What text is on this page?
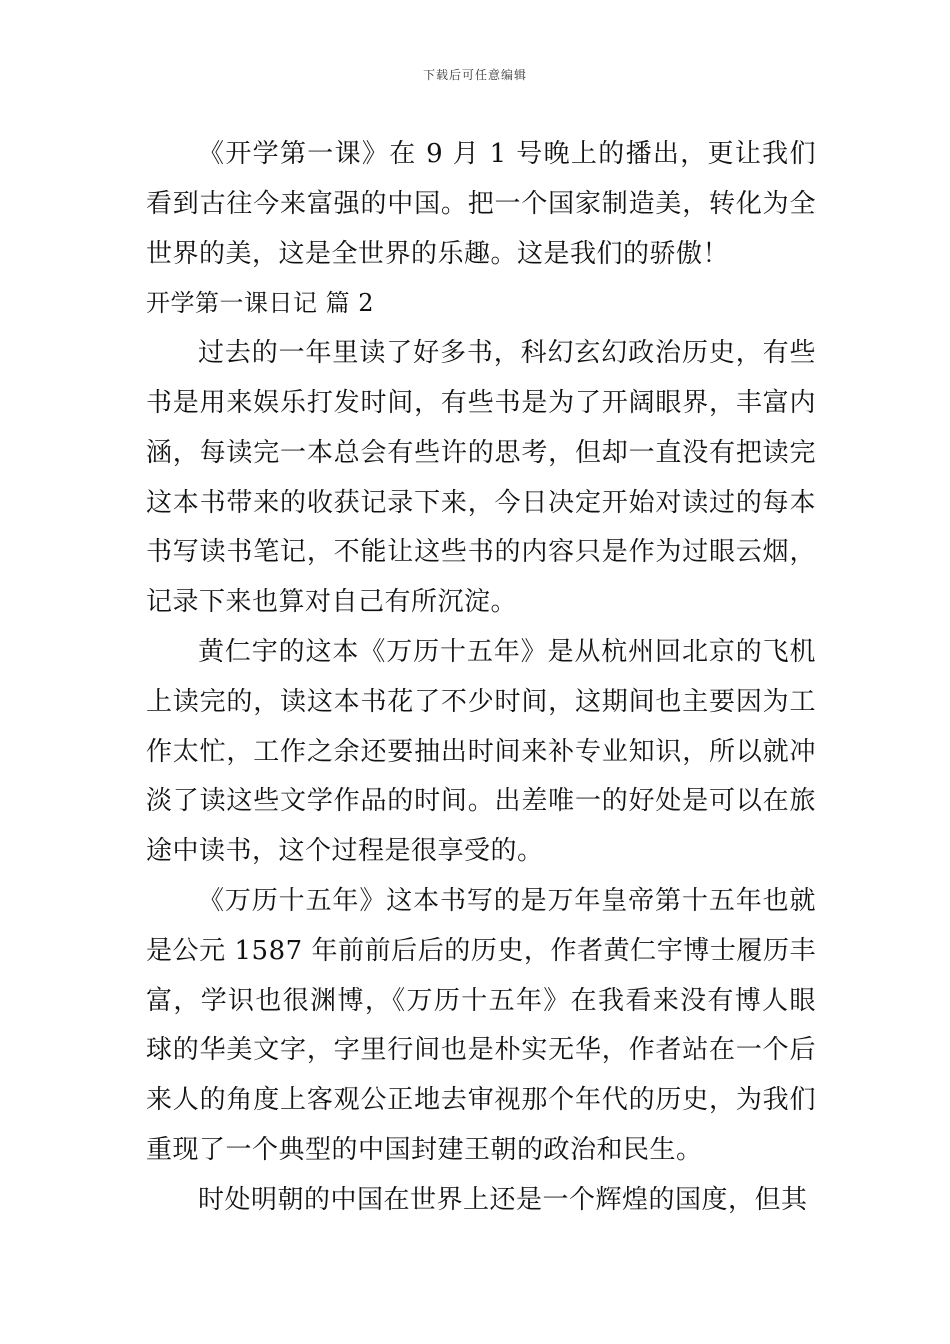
下载后可任意编辑

《开学第一课》在 9 月 1 号晚上的播出，更让我们看到古往今来富强的中国。把一个国家制造美，转化为全世界的美，这是全世界的乐趣。这是我们的骄傲！

开学第一课日记 篇 2

过去的一年里读了好多书，科幻玄幻政治历史，有些书是用来娱乐打发时间，有些书是为了开阔眼界，丰富内涵，每读完一本总会有些许的思考，但却一直没有把读完这本书带来的收获记录下来，今日决定开始对读过的每本书写读书笔记，不能让这些书的内容只是作为过眼云烟，记录下来也算对自己有所沉淀。

黄仁宇的这本《万历十五年》是从杭州回北京的飞机上读完的，读这本书花了不少时间，这期间也主要因为工作太忙，工作之余还要抽出时间来补专业知识，所以就冲淡了读这些文学作品的时间。出差唯一的好处是可以在旅途中读书，这个过程是很享受的。

《万历十五年》这本书写的是万年皇帝第十五年也就是公元 1587 年前前后后的历史，作者黄仁宇博士履历丰富，学识也很渊博，《万历十五年》在我看来没有博人眼球的华美文字，字里行间也是朴实无华，作者站在一个后来人的角度上客观公正地去审视那个年代的历史，为我们重现了一个典型的中国封建王朝的政治和民生。

时处明朝的中国在世界上还是一个辉煌的国度，但其
